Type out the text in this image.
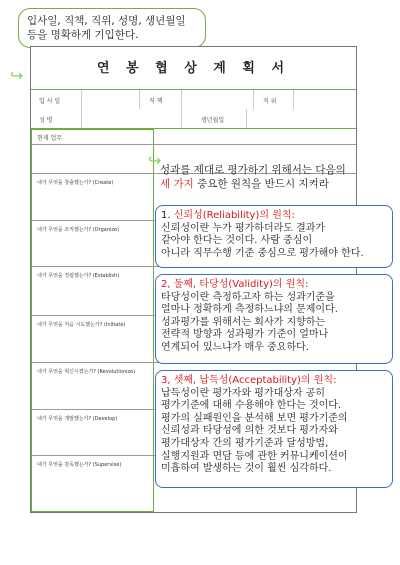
입사일, 직책, 직위, 성명, 생년월일
등을 명확하게 기입한다.
↪	연 봉 협 상 계 획 서
입 사 일	직 책	직 위
성 명	생년월일
현재 업무
내가 무엇을 창출했는가? (Create)
내가 무엇을 조직했는가? (Organize)
내가 무엇을 정립했는가? (Establish)
내가 무엇을 처음 시도했는가? (Initiate)
내가 무엇을 혁신시켰는가? (Revolutionize)
내가 무엇을 개발했는가? (Develop)
내가 무엇을 감독했는가? (Supervise)
↪
성과를 제대로 평가하기 위해서는 다음의
세 가지 중요한 원칙을 반드시 지켜라
1. 신뢰성(Reliability)의 원칙:
신뢰성이란 누가 평가하더라도 결과가
같아야 한다는 것이다. 사람 중심이
아니라 직무수행 기준 중심으로 평가해야 한다.
2, 둘째, 타당성(Validity)의 원칙:
타당성이란 측정하고자 하는 성과기준을
얼마나 정확하게 측정하느냐의 문제이다.
성과평가를 위해서는 회사가 지향하는
전략적 방향과 성과평가 기준이 얼마나
연계되어 있느냐가 매우 중요하다.
3, 셋째, 납득성(Acceptability)의 원칙:
납득성이란 평가자와 평가대상자 공히
평가기준에 대해 수용해야 한다는 것이다.
평가의 실패원인을 분석해 보면 평가기준의
신뢰성과 타당성에 의한 것보다 평가자와
평가대상자 간의 평가기준과 달성방법,
실행지원과 면담 등에 관한 커뮤니케이션이
미흡하여 발생하는 것이 훨씬 심각하다.
